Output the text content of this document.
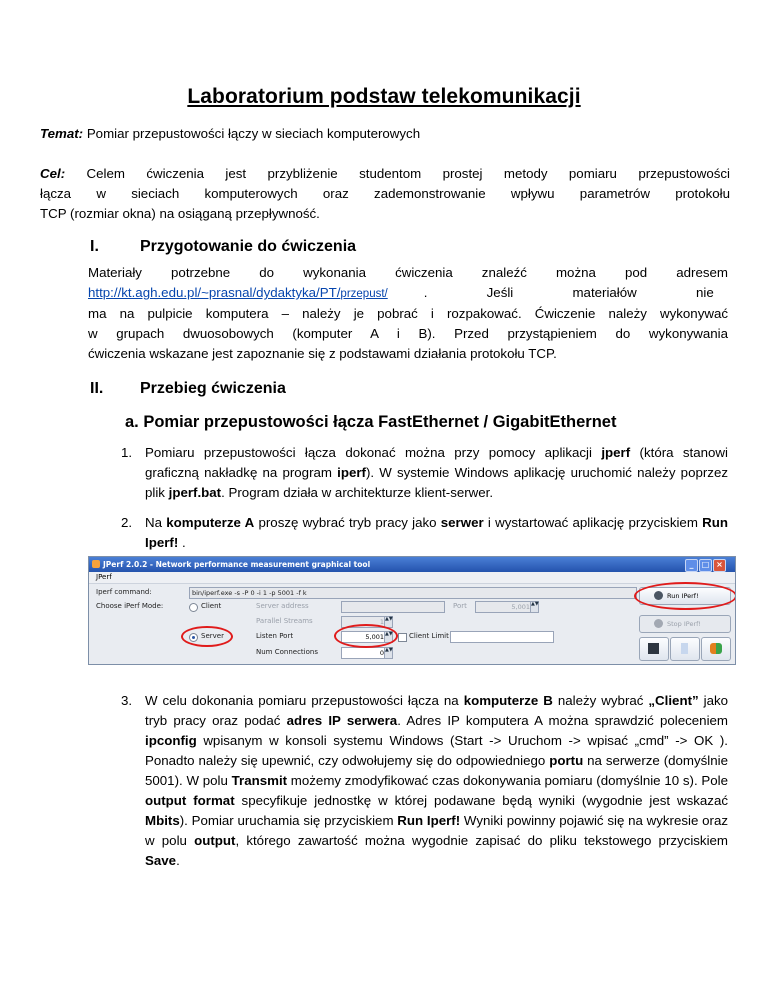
Laboratorium podstaw telekomunikacji
Temat: Pomiar przepustowości łączy w sieciach komputerowych
Cel: Celem ćwiczenia jest przybliżenie studentom prostej metody pomiaru przepustowości
łącza w sieciach komputerowych oraz zademonstrowanie wpływu parametrów protokołu
TCP (rozmiar okna) na osiąganą przepływność.
I.	Przygotowanie do ćwiczenia
Materiały potrzebne do wykonania ćwiczenia znaleźć można pod adresem
http://kt.agh.edu.pl/~prasnal/dydaktyka/PT/przepust/	. Jeśli materiałów nie
ma na pulpicie komputera – należy je pobrać i rozpakować. Ćwiczenie należy wykonywać
w grupach dwuosobowych (komputer A i B). Przed przystąpieniem do wykonywania
ćwiczenia wskazane jest zapoznanie się z podstawami działania protokołu TCP.
II. Przebieg ćwiczenia
a. Pomiar przepustowości łącza FastEthernet / GigabitEthernet
1. Pomiaru przepustowości łącza dokonać można przy pomocy aplikacji jperf (która stanowi graficzną nakładkę na program iperf). W systemie Windows aplikację uruchomić należy poprzez plik jperf.bat. Program działa w architekturze klient-serwer.
2. Na komputerze A proszę wybrać tryb pracy jako serwer i wystartować aplikację przyciskiem Run Iperf! .
JPerf 2.0.2 - Network performance measurement graphical tool	_	□ ×
JPerf
Iperf command:	bin/iperf.exe -s -P 0 -i 1 -p 5001 -f k
Choose iPerf Mode:	Client	Server address	Port	5,001 ▲▼
Parallel Streams	1 ▲▼
Server	Listen Port	5,001 ▲▼ Client Limit
Num Connections	0 ▲▼
Run IPerf!
Stop IPerf!
3. W celu dokonania pomiaru przepustowości łącza na komputerze B należy wybrać „Client” jako tryb pracy oraz podać adres IP serwera. Adres IP komputera A można sprawdzić poleceniem ipconfig wpisanym w konsoli systemu Windows (Start -> Uruchom -> wpisać „cmd” -> OK ). Ponadto należy się upewnić, czy odwołujemy się do odpowiedniego portu na serwerze (domyślnie 5001). W polu Transmit możemy zmodyfikować czas dokonywania pomiaru (domyślnie 10 s). Pole output format specyfikuje jednostkę w której podawane będą wyniki (wygodnie jest wskazać Mbits). Pomiar uruchamia się przyciskiem Run Iperf! Wyniki powinny pojawić się na wykresie oraz w polu output, którego zawartość można wygodnie zapisać do pliku tekstowego przyciskiem Save.
